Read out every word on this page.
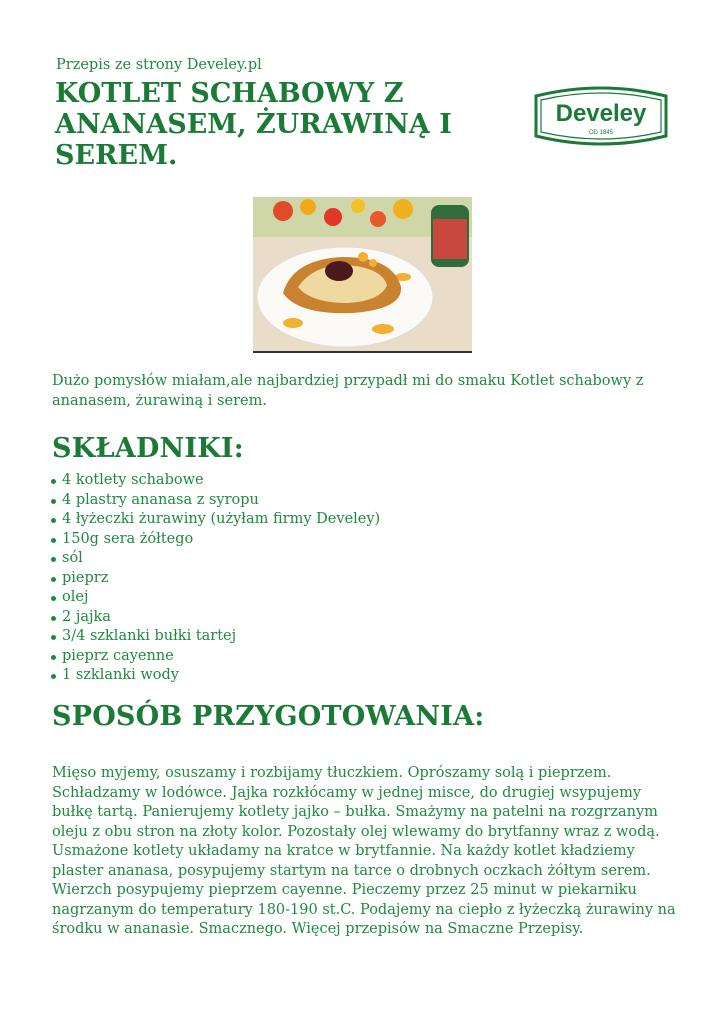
Przepis ze strony Develey.pl
KOTLET SCHABOWY Z ANANASEM, ŻURAWINĄ I SEREM.
Develey
OD 1845

Dużo pomysłów miałam,ale najbardziej przypadł mi do smaku Kotlet schabowy z ananasem, żurawiną i serem.

SKŁADNIKI:
4 kotlety schabowe
4 plastry ananasa z syropu
4 łyżeczki żurawiny (użyłam firmy Develey)
150g sera żółtego
sól
pieprz
olej
2 jajka
3/4 szklanki bułki tartej
pieprz cayenne
1 szklanki wody
SPOSÓB PRZYGOTOWANIA:

Mięso myjemy, osuszamy i rozbijamy tłuczkiem. Oprószamy solą i pieprzem. Schładzamy w lodówce. Jajka rozkłócamy w jednej misce, do drugiej wsypujemy bułkę tartą. Panierujemy kotlety jajko – bułka. Smażymy na patelni na rozgrzanym oleju z obu stron na złoty kolor. Pozostały olej wlewamy do brytfanny wraz z wodą. Usmażone kotlety układamy na kratce w brytfannie. Na każdy kotlet kładziemy plaster ananasa, posypujemy startym na tarce o drobnych oczkach żółtym serem. Wierzch posypujemy pieprzem cayenne. Pieczemy przez 25 minut w piekarniku nagrzanym do temperatury 180-190 st.C. Podajemy na ciepło z łyżeczką żurawiny na środku w ananasie. Smacznego. Więcej przepisów na Smaczne Przepisy.
